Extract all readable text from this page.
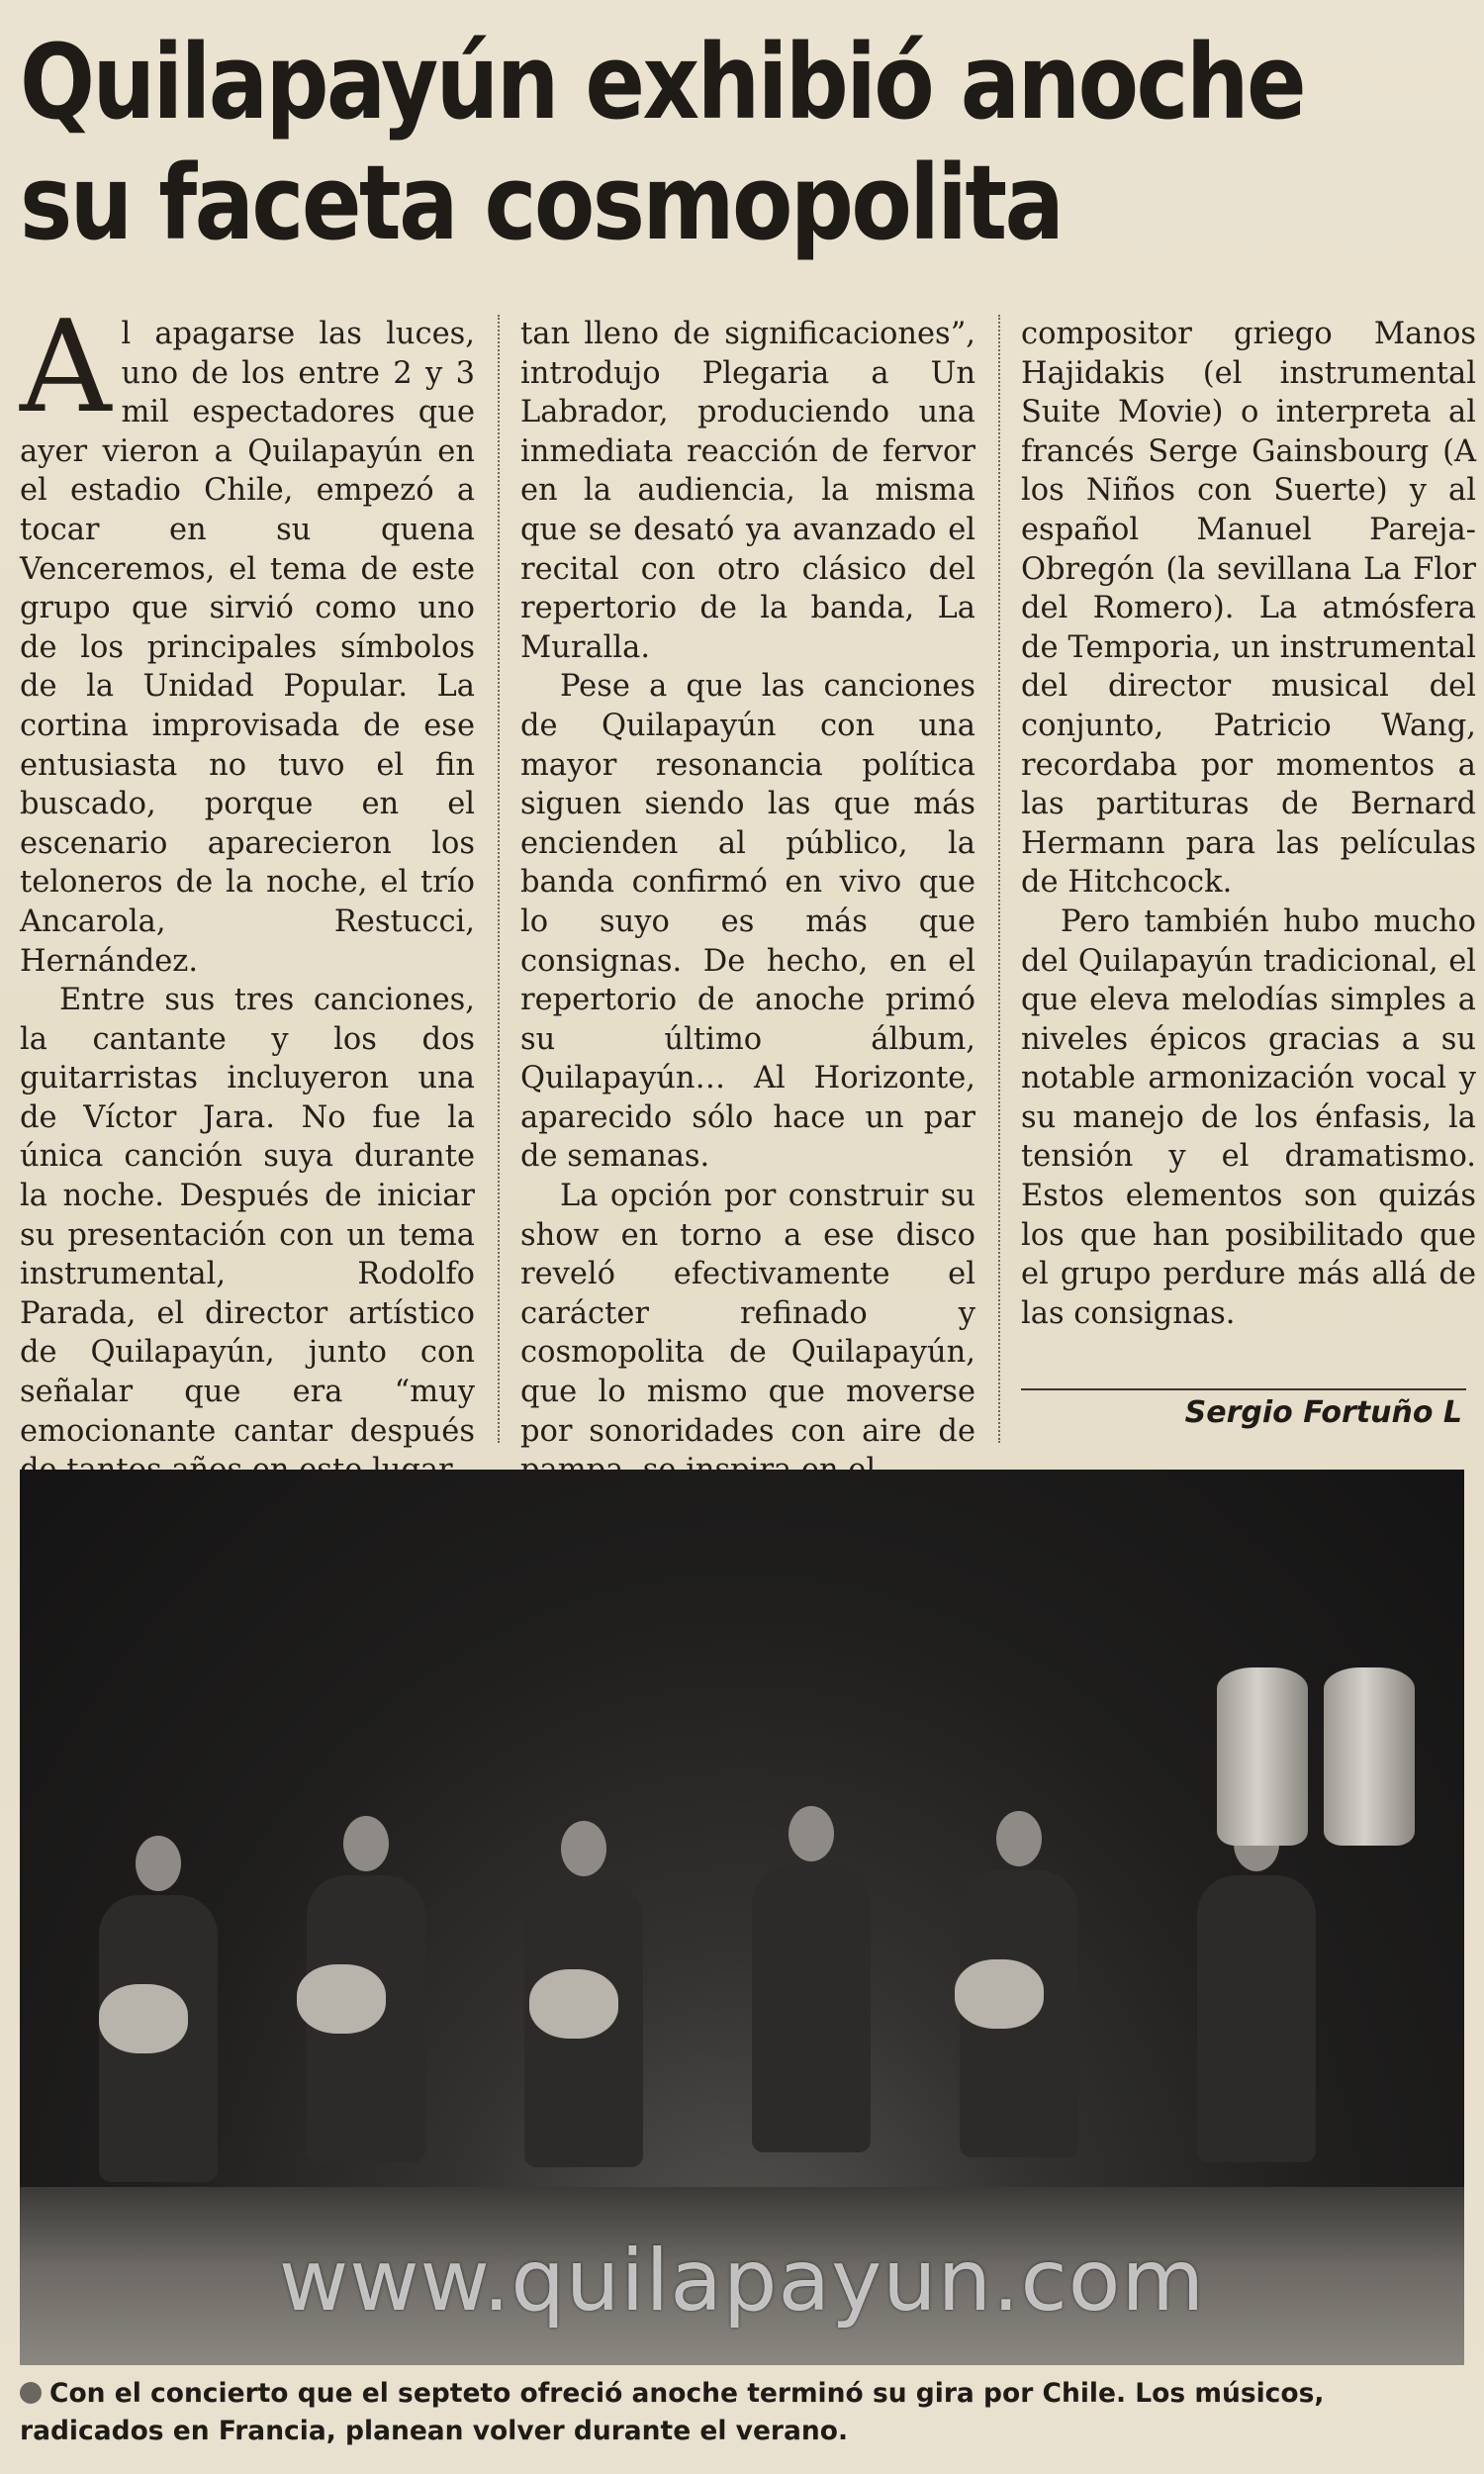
Quilapayún exhibió anoche
su faceta cosmopolita

Al apagarse las luces, uno de los entre 2 y 3 mil espectadores que ayer vieron a Quilapayún en el estadio Chile, empezó a tocar en su quena Venceremos, el tema de este grupo que sirvió como uno de los principales símbolos de la Unidad Popular. La cortina improvisada de ese entusiasta no tuvo el fin buscado, porque en el escenario aparecieron los teloneros de la noche, el trío Ancarola, Restucci, Hernández.

Entre sus tres canciones, la cantante y los dos guitarristas incluyeron una de Víctor Jara. No fue la única canción suya durante la noche. Después de iniciar su presentación con un tema instrumental, Rodolfo Parada, el director artístico de Quilapayún, junto con señalar que era “muy emocionante cantar después

tan lleno de significaciones”, introdujo Plegaria a Un Labrador, produciendo una inmediata reacción de fervor en la audiencia, la misma que se desató ya avanzado el recital con otro clásico del repertorio de la banda, La Muralla.

Pese a que las canciones de Quilapayún con una mayor resonancia política siguen siendo las que más encienden al público, la banda confirmó en vivo que lo suyo es más que consignas. De hecho, en el repertorio de anoche primó su último álbum, Quilapayún… Al Horizonte, aparecido sólo hace un par de semanas.

La opción por construir su show en torno a ese disco reveló efectivamente el carácter refinado y cosmopolita de Quilapayún, que lo mismo que moverse por sonoridades con aire de

compositor griego Manos Hajidakis (el instrumental Suite Movie) o interpreta al francés Serge Gainsbourg (A los Niños con Suerte) y al español Manuel Pareja-Obregón (la sevillana La Flor del Romero). La atmósfera de Temporia, un instrumental del director musical del conjunto, Patricio Wang, recordaba por momentos a las partituras de Bernard Hermann para las películas de Hitchcock.

Pero también hubo mucho del Quilapayún tradicional, el que eleva melodías simples a niveles épicos gracias a su notable armonización vocal y su manejo de los énfasis, la tensión y el dramatismo. Estos elementos son quizás los que han posibilitado que el grupo perdure más allá de las consignas.

Sergio Fortuño L
www.quilapayun.com
Con el concierto que el septeto ofreció anoche terminó su gira por Chile. Los músicos, radicados en Francia, planean volver durante el verano.
